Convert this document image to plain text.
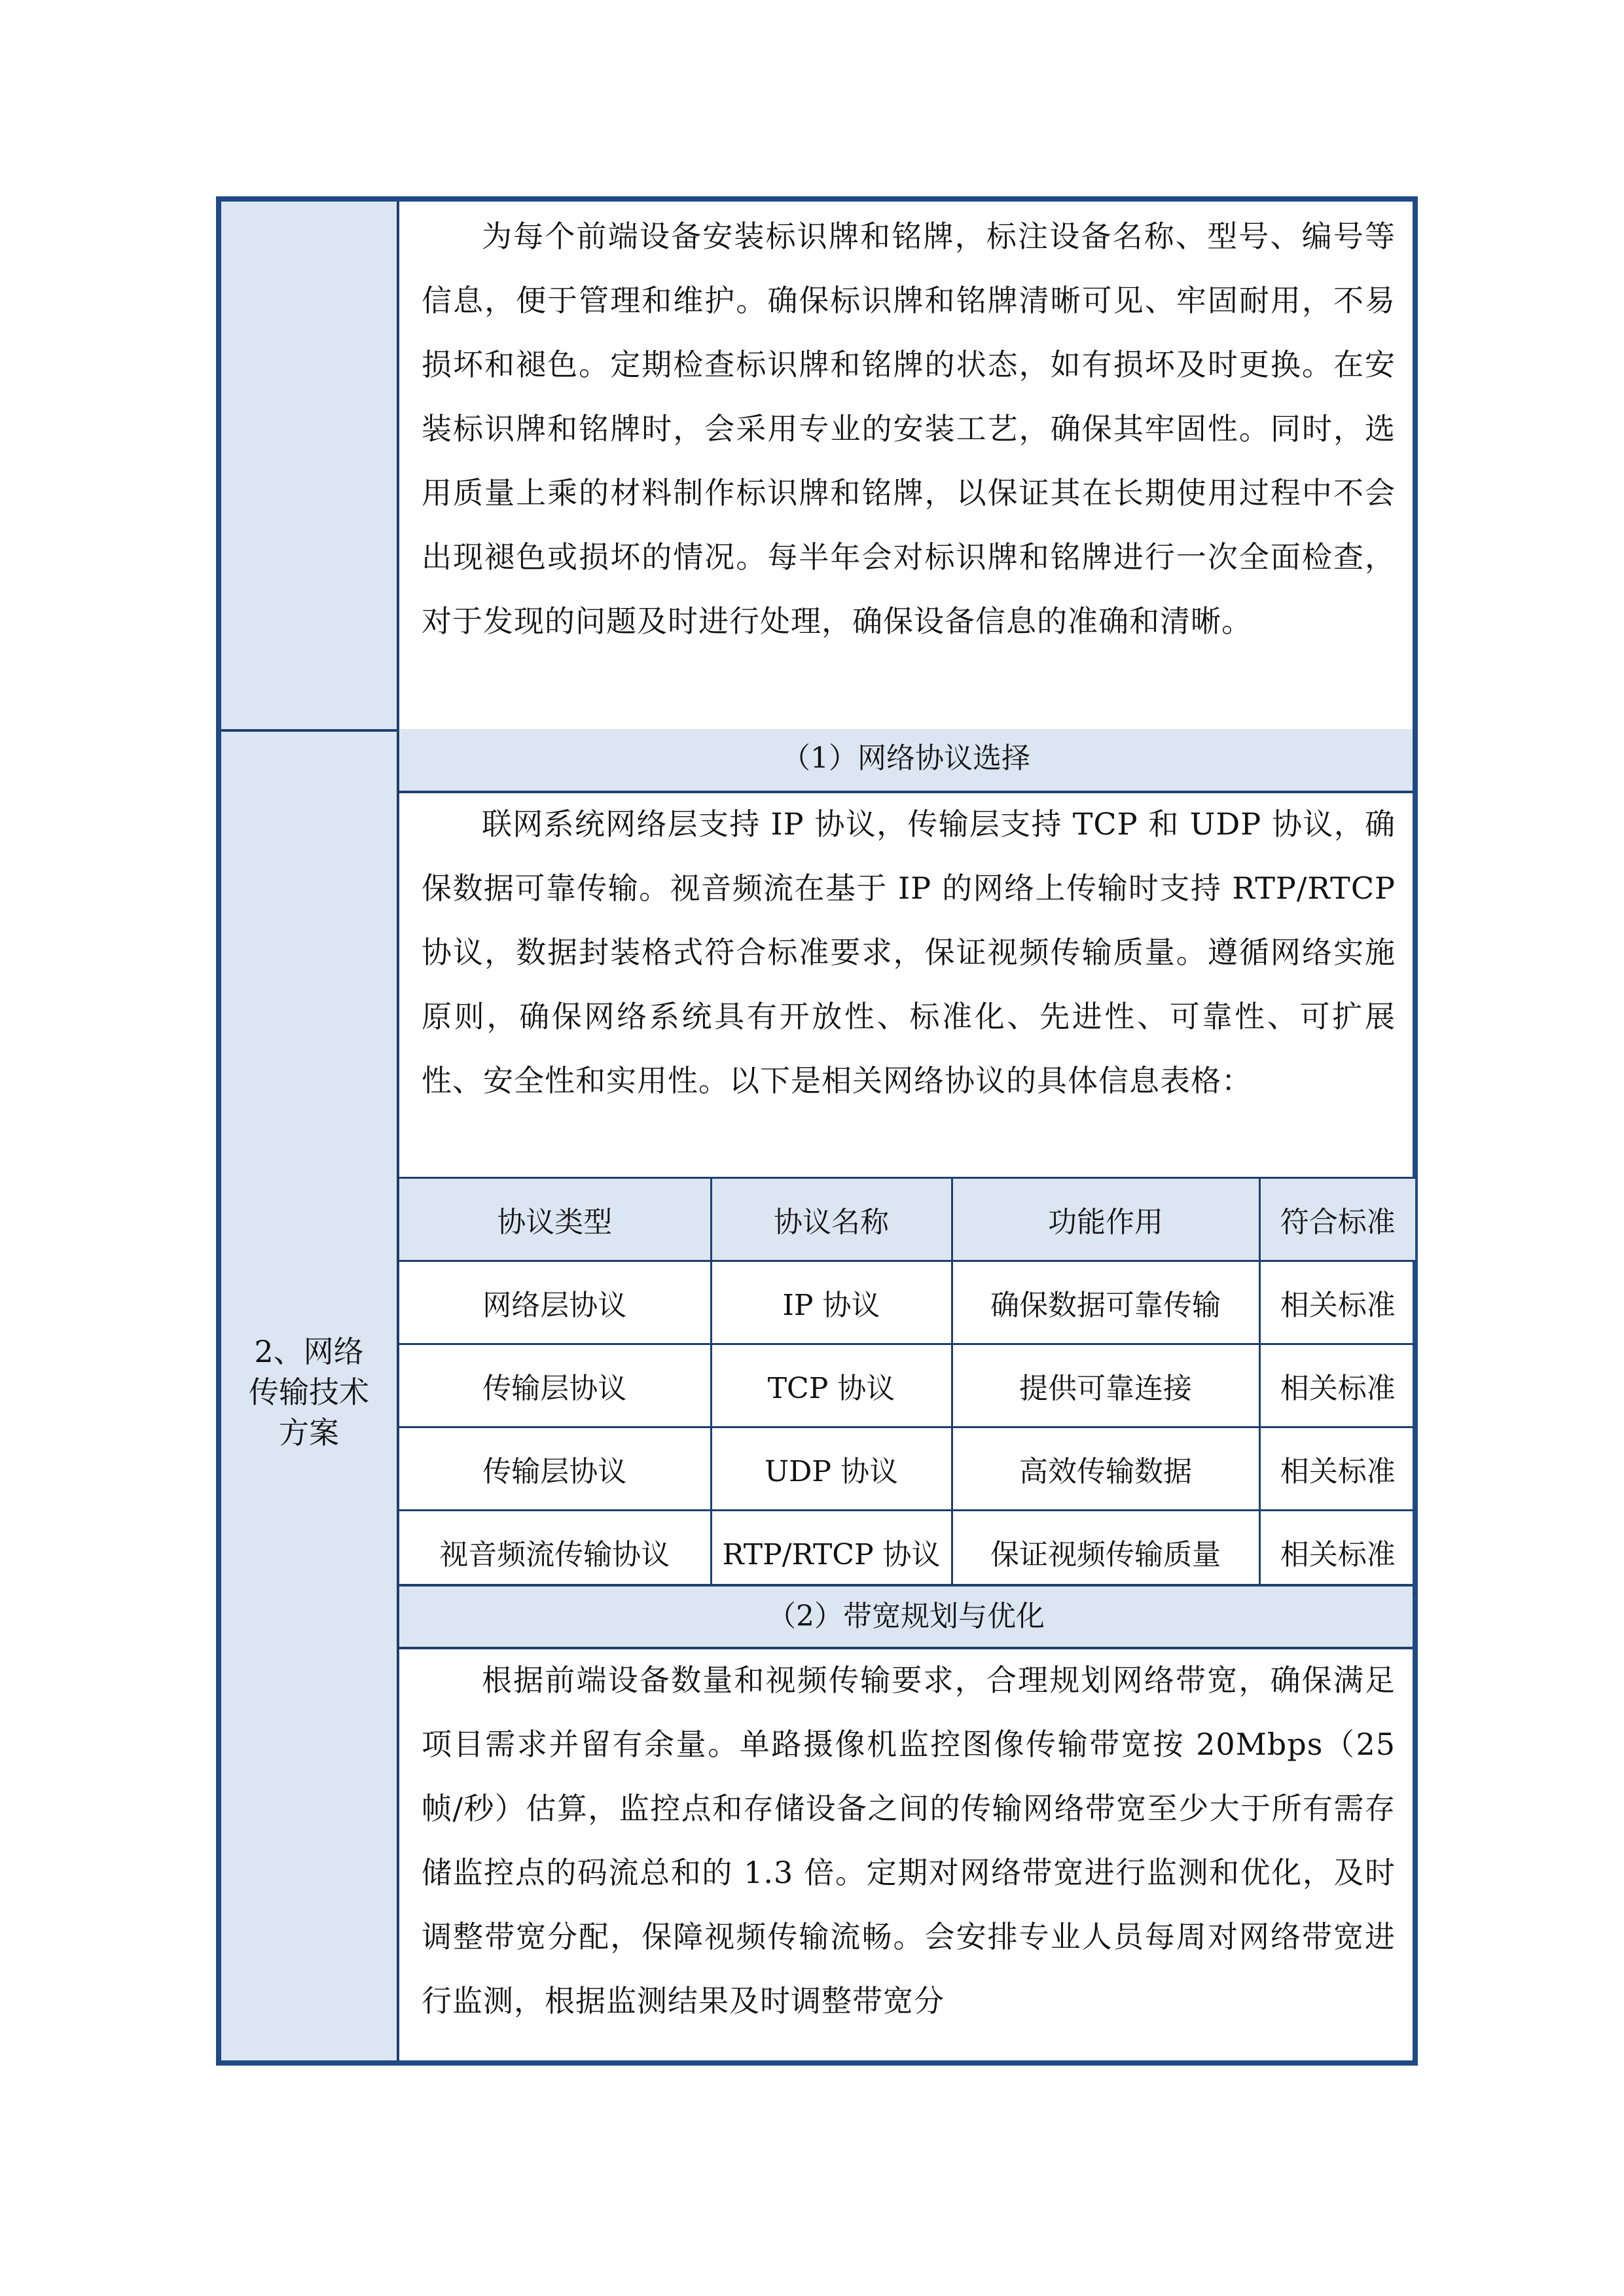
2、网络传输技术方案
为每个前端设备安装标识牌和铭牌，标注设备名称、型号、编号等信息，便于管理和维护。确保标识牌和铭牌清晰可见、牢固耐用，不易损坏和褪色。定期检查标识牌和铭牌的状态，如有损坏及时更换。在安装标识牌和铭牌时，会采用专业的安装工艺，确保其牢固性。同时，选用质量上乘的材料制作标识牌和铭牌，以保证其在长期使用过程中不会出现褪色或损坏的情况。每半年会对标识牌和铭牌进行一次全面检查，对于发现的问题及时进行处理，确保设备信息的准确和清晰。
（1）网络协议选择
联网系统网络层支持 IP 协议，传输层支持 TCP 和 UDP 协议，确保数据可靠传输。视音频流在基于 IP 的网络上传输时支持 RTP/RTCP 协议，数据封装格式符合标准要求，保证视频传输质量。遵循网络实施原则，确保网络系统具有开放性、标准化、先进性、可靠性、可扩展性、安全性和实用性。以下是相关网络协议的具体信息表格：
协议类型	协议名称	功能作用	符合标准
网络层协议	IP 协议	确保数据可靠传输	相关标准
传输层协议	TCP 协议	提供可靠连接	相关标准
传输层协议	UDP 协议	高效传输数据	相关标准
视音频流传输协议	RTP/RTCP 协议	保证视频传输质量	相关标准
（2）带宽规划与优化
根据前端设备数量和视频传输要求，合理规划网络带宽，确保满足项目需求并留有余量。单路摄像机监控图像传输带宽按 20Mbps（25 帧/秒）估算，监控点和存储设备之间的传输网络带宽至少大于所有需存储监控点的码流总和的 1.3 倍。定期对网络带宽进行监测和优化，及时调整带宽分配，保障视频传输流畅。会安排专业人员每周对网络带宽进行监测，根据监测结果及时调整带宽分
